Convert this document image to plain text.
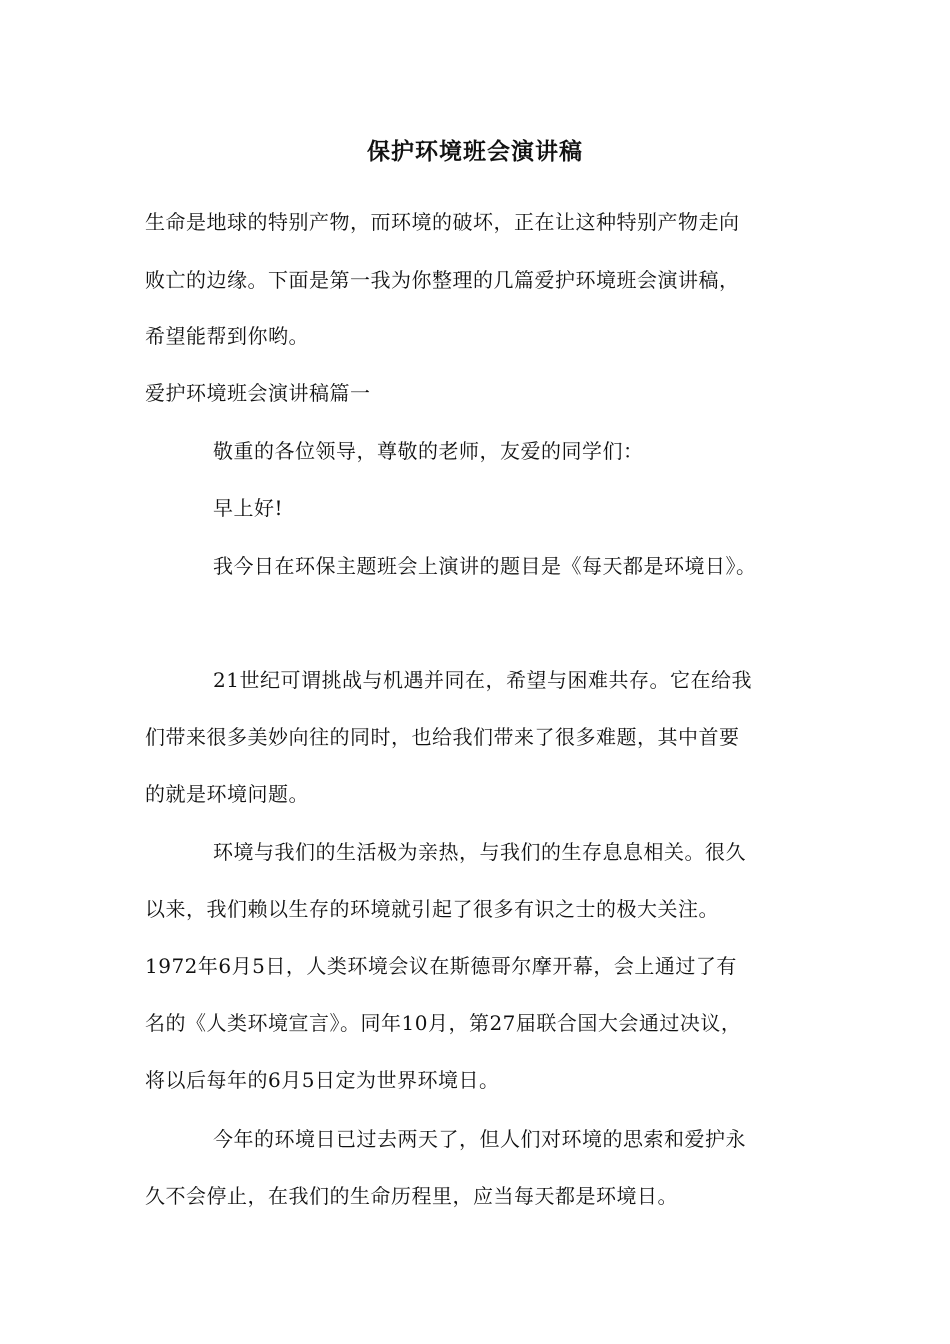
保护环境班会演讲稿
生命是地球的特别产物，而环境的破坏，正在让这种特别产物走向
败亡的边缘。下面是第一我为你整理的几篇爱护环境班会演讲稿，
希望能帮到你哟。
爱护环境班会演讲稿篇一
敬重的各位领导，尊敬的老师，友爱的同学们：
早上好!
我今日在环保主题班会上演讲的题目是《每天都是环境日》。
21世纪可谓挑战与机遇并同在，希望与困难共存。它在给我
们带来很多美妙向往的同时，也给我们带来了很多难题，其中首要
的就是环境问题。
环境与我们的生活极为亲热，与我们的生存息息相关。很久
以来，我们赖以生存的环境就引起了很多有识之士的极大关注。
1972年6月5日，人类环境会议在斯德哥尔摩开幕，会上通过了有
名的《人类环境宣言》。同年10月，第27届联合国大会通过决议，
将以后每年的6月5日定为世界环境日。
今年的环境日已过去两天了，但人们对环境的思索和爱护永
久不会停止，在我们的生命历程里，应当每天都是环境日。
